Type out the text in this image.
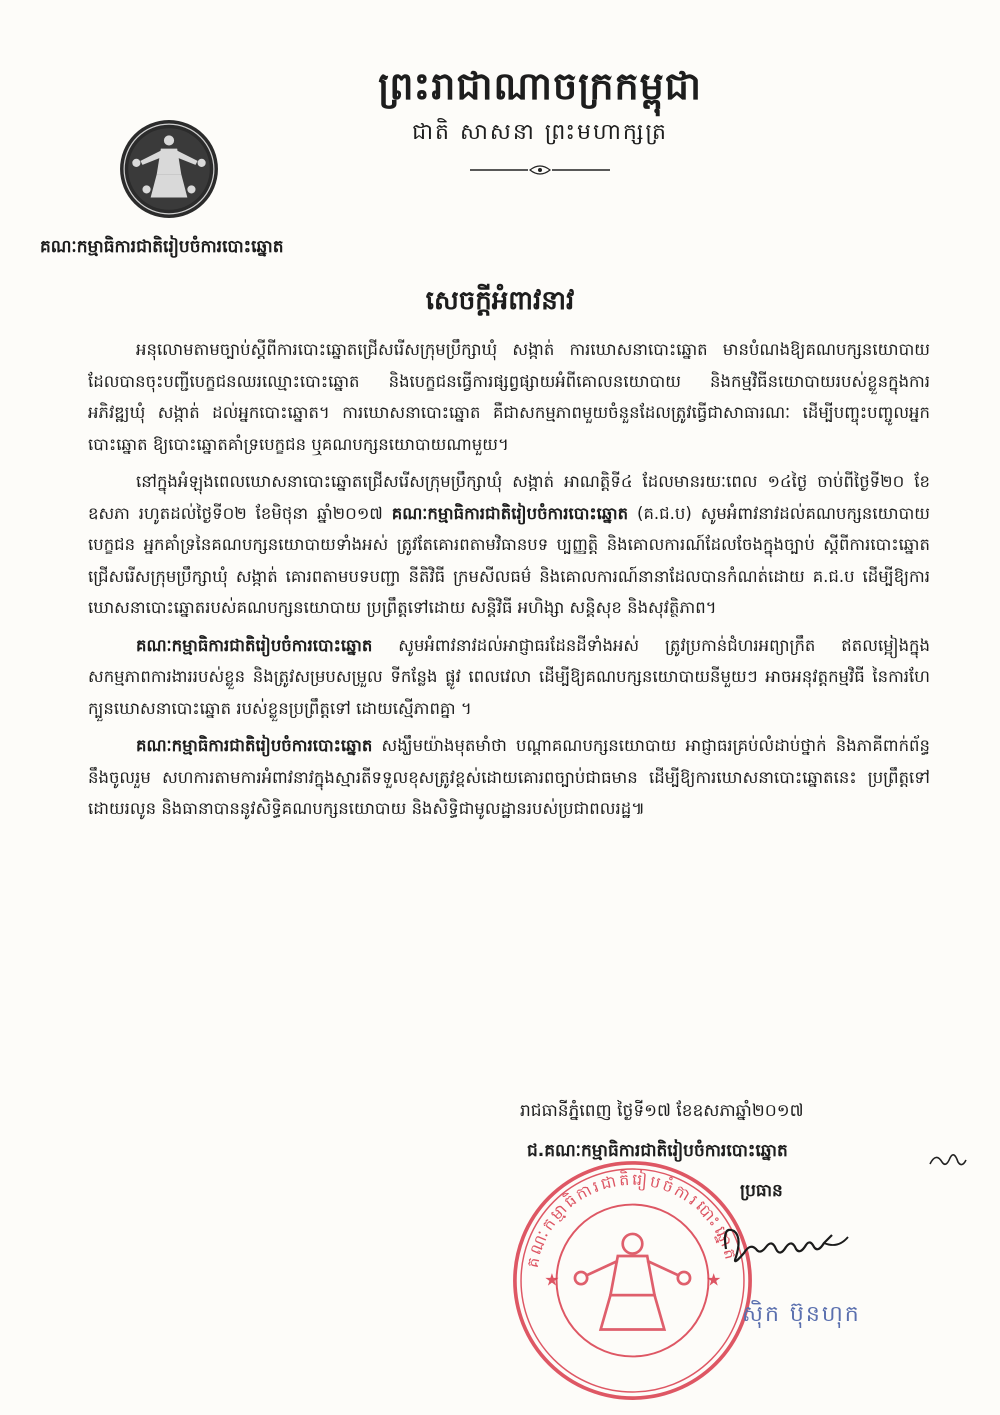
ព្រះរាជាណាចក្រកម្ពុជា
ជាតិ សាសនា ព្រះមហាក្សត្រ
គណៈកម្មាធិការជាតិរៀបចំការបោះឆ្នោត
សេចក្ដីអំពាវនាវ

អនុលោមតាមច្បាប់ស្ដីពីការបោះឆ្នោតជ្រើសរើសក្រុមប្រឹក្សាឃុំ សង្កាត់ ការឃោសនាបោះឆ្នោត មានបំណងឱ្យគណបក្សនយោបាយដែលបានចុះបញ្ជីបេក្ខជនឈរឈ្មោះបោះឆ្នោត និងបេក្ខជនធ្វើការផ្សព្វផ្សាយអំពីគោលនយោបាយ និងកម្មវិធីនយោបាយរបស់ខ្លួនក្នុងការអភិវឌ្ឍឃុំ សង្កាត់ ដល់អ្នកបោះឆ្នោត។ ការឃោសនាបោះឆ្នោត គឺជាសកម្មភាពមួយចំនួនដែលត្រូវធ្វើជាសាធារណៈ ដើម្បីបញ្ចុះបញ្ចូលអ្នកបោះឆ្នោត ឱ្យបោះឆ្នោតគាំទ្របេក្ខជន ឬគណបក្សនយោបាយណាមួយ។

នៅក្នុងអំឡុងពេលឃោសនាបោះឆ្នោតជ្រើសរើសក្រុមប្រឹក្សាឃុំ សង្កាត់ អាណត្តិទី៤ ដែលមានរយៈពេល ១៤ថ្ងៃ ចាប់ពីថ្ងៃទី២០ ខែឧសភា រហូតដល់ថ្ងៃទី០២ ខែមិថុនា ឆ្នាំ២០១៧ គណៈកម្មាធិការជាតិរៀបចំការបោះឆ្នោត (គ.ជ.ប) សូមអំពាវនាវដល់គណបក្សនយោបាយ បេក្ខជន អ្នកគាំទ្រនៃគណបក្សនយោបាយទាំងអស់ ត្រូវតែគោរពតាមវិធានបទ ប្បញ្ញត្តិ និងគោលការណ៍ដែលចែងក្នុងច្បាប់ ស្ដីពីការបោះឆ្នោតជ្រើសរើសក្រុមប្រឹក្សាឃុំ សង្កាត់ គោរពតាមបទបញ្ជា នីតិវិធី ក្រមសីលធម៌ និងគោលការណ៍នានាដែលបានកំណត់ដោយ គ.ជ.ប ដើម្បីឱ្យការឃោសនាបោះឆ្នោតរបស់គណបក្សនយោបាយ ប្រព្រឹត្តទៅដោយ សន្តិវិធី អហិង្សា សន្តិសុខ និងសុវត្ថិភាព។

គណៈកម្មាធិការជាតិរៀបចំការបោះឆ្នោត សូមអំពាវនាវដល់អាជ្ញាធរដែនដីទាំងអស់ ត្រូវប្រកាន់ជំហរអព្យាក្រឹត ឥតលម្អៀងក្នុងសកម្មភាពការងាររបស់ខ្លួន និងត្រូវសម្របសម្រួល ទីកន្លែង ផ្លូវ ពេលវេលា ដើម្បីឱ្យគណបក្សនយោបាយនីមួយៗ អាចអនុវត្តកម្មវិធី នៃការហែក្បួនឃោសនាបោះឆ្នោត របស់ខ្លួនប្រព្រឹត្តទៅ ដោយស្មើភាពគ្នា ។

គណៈកម្មាធិការជាតិរៀបចំការបោះឆ្នោត សង្ឃឹមយ៉ាងមុតមាំថា បណ្ដាគណបក្សនយោបាយ អាជ្ញាធរគ្រប់លំដាប់ថ្នាក់ និងភាគីពាក់ព័ន្ធនឹងចូលរួម សហការតាមការអំពាវនាវក្នុងស្មារតីទទួលខុសត្រូវខ្ពស់ដោយគោរពច្បាប់ជាធមាន ដើម្បីឱ្យការឃោសនាបោះឆ្នោតនេះ ប្រព្រឹត្តទៅដោយរលូន និងធានាបាននូវសិទ្ធិគណបក្សនយោបាយ និងសិទ្ធិជាមូលដ្ឋានរបស់ប្រជាពលរដ្ឋ៕

រាជធានីភ្នំពេញ ថ្ងៃទី១៧ ខែឧសភាឆ្នាំ២០១៧
គណៈកម្មាធិការជាតិរៀបចំការបោះឆ្នោត
★	★
ជ.គណៈកម្មាធិការជាតិរៀបចំការបោះឆ្នោត
ប្រធាន
ស៊ិក ប៊ុនហុក
